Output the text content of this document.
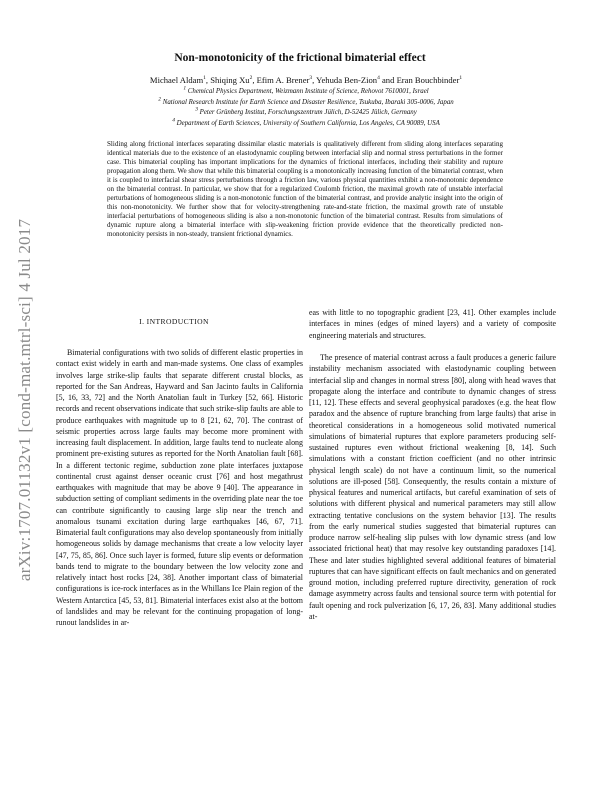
arXiv:1707.01132v1 [cond-mat.mtrl-sci] 4 Jul 2017
Non-monotonicity of the frictional bimaterial effect
Michael Aldam$^1$, Shiqing Xu$^2$, Efim A. Brener$^3$, Yehuda Ben-Zion$^4$ and Eran Bouchbinder$^1$
$^1$ Chemical Physics Department, Weizmann Institute of Science, Rehovot 7610001, Israel
$^2$ National Research Institute for Earth Science and Disaster Resilience, Tsukuba, Ibaraki 305-0006, Japan
$^3$ Peter Grünberg Institut, Forschungszentrum Jülich, D-52425 Jülich, Germany
$^4$ Department of Earth Sciences, University of Southern California, Los Angeles, CA 90089, USA
Sliding along frictional interfaces separating dissimilar elastic materials is qualitatively different from sliding along interfaces separating identical materials due to the existence of an elastodynamic coupling between interfacial slip and normal stress perturbations in the former case. This bimaterial coupling has important implications for the dynamics of frictional interfaces, including their stability and rupture propagation along them. We show that while this bimaterial coupling is a monotonically increasing function of the bimaterial contrast, when it is coupled to interfacial shear stress perturbations through a friction law, various physical quantities exhibit a non-monotonic dependence on the bimaterial contrast. In particular, we show that for a regularized Coulomb friction, the maximal growth rate of unstable interfacial perturbations of homogeneous sliding is a non-monotonic function of the bimaterial contrast, and provide analytic insight into the origin of this non-monotonicity. We further show that for velocity-strengthening rate-and-state friction, the maximal growth rate of unstable interfacial perturbations of homogeneous sliding is also a non-monotonic function of the bimaterial contrast. Results from simulations of dynamic rupture along a bimaterial interface with slip-weakening friction provide evidence that the theoretically predicted non-monotonicity persists in non-steady, transient frictional dynamics.
I. INTRODUCTION

Bimaterial configurations with two solids of different elastic properties in contact exist widely in earth and man-made systems. One class of examples involves large strike-slip faults that separate different crustal blocks, as reported for the San Andreas, Hayward and San Jacinto faults in California [5, 16, 33, 72] and the North Anatolian fault in Turkey [52, 66]. Historic records and recent observations indicate that such strike-slip faults are able to produce earthquakes with magnitude up to 8 [21, 62, 70]. The contrast of seismic properties across large faults may become more prominent with increasing fault displacement. In addition, large faults tend to nucleate along prominent pre-existing sutures as reported for the North Anatolian fault [68]. In a different tectonic regime, subduction zone plate interfaces juxtapose continental crust against denser oceanic crust [76] and host megathrust earthquakes with magnitude that may be above 9 [40]. The appearance in subduction setting of compliant sediments in the overriding plate near the toe can contribute significantly to causing large slip near the trench and anomalous tsunami excitation during large earthquakes [46, 67, 71]. Bimaterial fault configurations may also develop spontaneously from initially homogeneous solids by damage mechanisms that create a low velocity layer [47, 75, 85, 86]. Once such layer is formed, future slip events or deformation bands tend to migrate to the boundary between the low velocity zone and relatively intact host rocks [24, 38]. Another important class of bimaterial configurations is ice-rock interfaces as in the Whillans Ice Plain region of the Western Antarctica [45, 53, 81]. Bimaterial interfaces exist also at the bottom of landslides and may be relevant for the continuing propagation of long-runout landslides in ar-

eas with little to no topographic gradient [23, 41]. Other examples include interfaces in mines (edges of mined layers) and a variety of composite engineering materials and structures.

The presence of material contrast across a fault produces a generic failure instability mechanism associated with elastodynamic coupling between interfacial slip and changes in normal stress [80], along with head waves that propagate along the interface and contribute to dynamic changes of stress [11, 12]. These effects and several geophysical paradoxes (e.g. the heat flow paradox and the absence of rupture branching from large faults) that arise in theoretical considerations in a homogeneous solid motivated numerical simulations of bimaterial ruptures that explore parameters producing self-sustained ruptures even without frictional weakening [8, 14]. Such simulations with a constant friction coefficient (and no other intrinsic physical length scale) do not have a continuum limit, so the numerical solutions are ill-posed [58]. Consequently, the results contain a mixture of physical features and numerical artifacts, but careful examination of sets of solutions with different physical and numerical parameters may still allow extracting tentative conclusions on the system behavior [13]. The results from the early numerical studies suggested that bimaterial ruptures can produce narrow self-healing slip pulses with low dynamic stress (and low associated frictional heat) that may resolve key outstanding paradoxes [14]. These and later studies highlighted several additional features of bimaterial ruptures that can have significant effects on fault mechanics and on generated ground motion, including preferred rupture directivity, generation of rock damage asymmetry across faults and tensional source term with potential for fault opening and rock pulverization [6, 17, 26, 83]. Many additional studies at-
